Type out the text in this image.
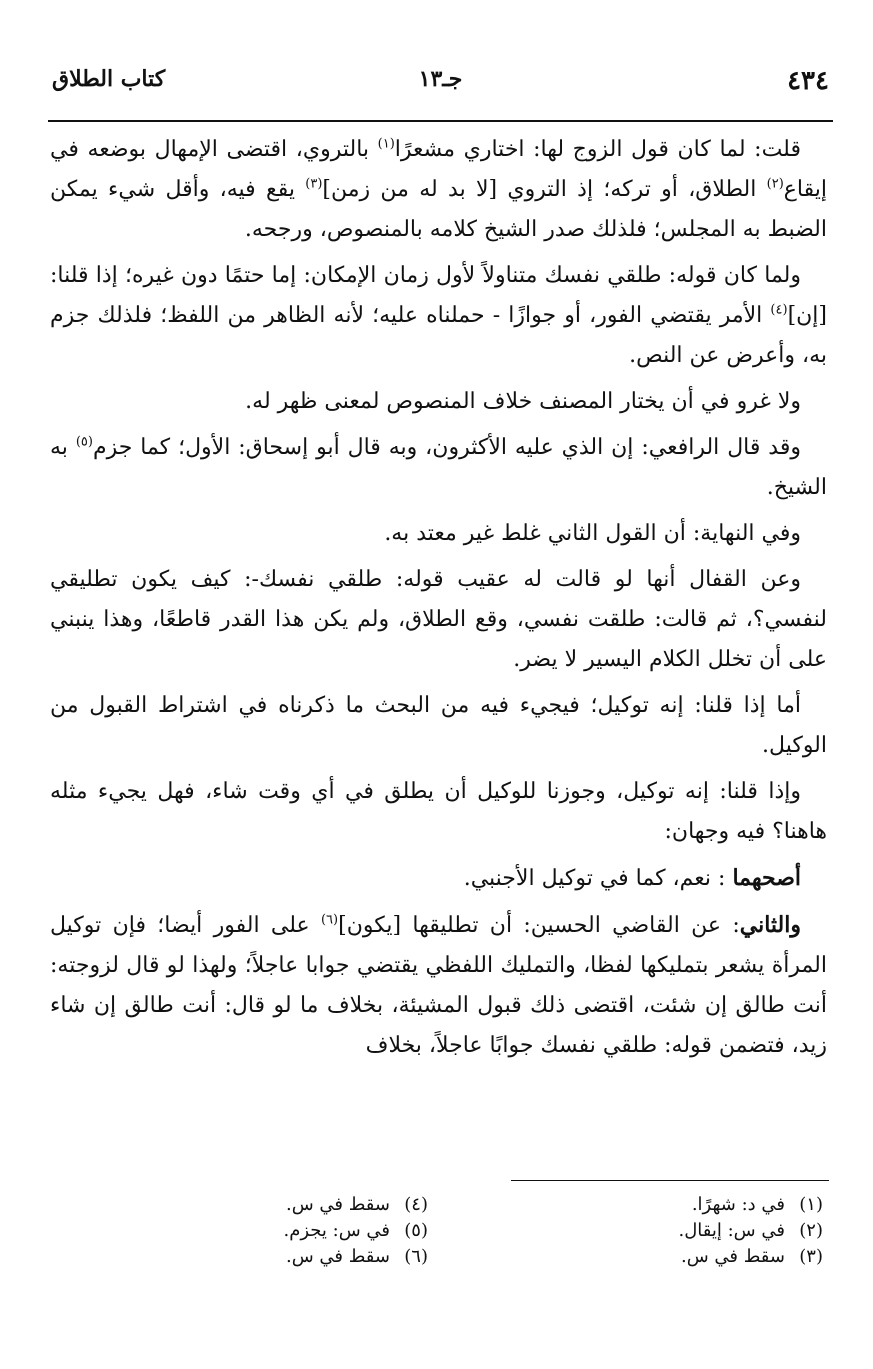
٤٣٤
جـ١٣
كتاب الطلاق

قلت: لما كان قول الزوج لها: اختاري مشعرًا$^{(١)}$ بالتروي، اقتضى الإمهال بوضعه في إيقاع$^{(٢)}$ الطلاق، أو تركه؛ إذ التروي [لا بد له من زمن]$^{(٣)}$ يقع فيه، وأقل شيء يمكن الضبط به المجلس؛ فلذلك صدر الشيخ كلامه بالمنصوص، ورجحه.

ولما كان قوله: طلقي نفسك متناولاً لأول زمان الإمكان: إما حتمًا دون غيره؛ إذا قلنا: [إن]$^{(٤)}$ الأمر يقتضي الفور، أو جوازًا - حملناه عليه؛ لأنه الظاهر من اللفظ؛ فلذلك جزم به، وأعرض عن النص.

ولا غرو في أن يختار المصنف خلاف المنصوص لمعنى ظهر له.

وقد قال الرافعي: إن الذي عليه الأكثرون، وبه قال أبو إسحاق: الأول؛ كما جزم$^{(٥)}$ به الشيخ.

وفي النهاية: أن القول الثاني غلط غير معتد به.

وعن القفال أنها لو قالت له عقيب قوله: طلقي نفسك-: كيف يكون تطليقي لنفسي؟، ثم قالت: طلقت نفسي، وقع الطلاق، ولم يكن هذا القدر قاطعًا، وهذا ينبني على أن تخلل الكلام اليسير لا يضر.

أما إذا قلنا: إنه توكيل؛ فيجيء فيه من البحث ما ذكرناه في اشتراط القبول من الوكيل.

وإذا قلنا: إنه توكيل، وجوزنا للوكيل أن يطلق في أي وقت شاء، فهل يجيء مثله هاهنا؟ فيه وجهان:

أصحهما : نعم، كما في توكيل الأجنبي.

والثاني: عن القاضي الحسين: أن تطليقها [يكون]$^{(٦)}$ على الفور أيضا؛ فإن توكيل المرأة يشعر بتمليكها لفظا، والتمليك اللفظي يقتضي جوابا عاجلاً؛ ولهذا لو قال لزوجته: أنت طالق إن شئت، اقتضى ذلك قبول المشيئة، بخلاف ما لو قال: أنت طالق إن شاء زيد، فتضمن قوله: طلقي نفسك جوابًا عاجلاً، بخلاف

(١)في د: شهرًا.
(٢)في س: إيقال.
(٣)سقط في س.
(٤)سقط في س.
(٥)في س: يجزم.
(٦)سقط في س.
